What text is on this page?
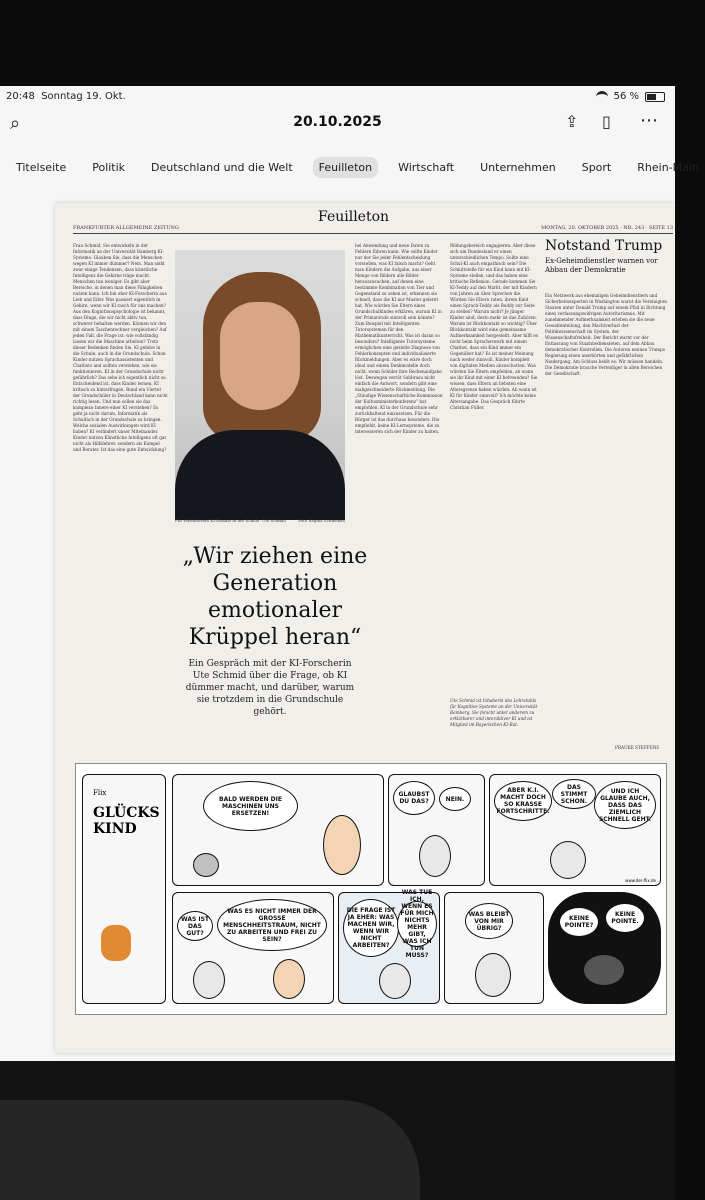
20:48 Sonntag 19. Okt.	56 %
⌕	20.10.2025	⇪ ▯ ⋯
Titelseite	Politik	Deutschland und die Welt	Feuilleton	Wirtschaft	Unternehmen	Sport	Rhein-Main
FRANKFURTER ALLGEMEINE ZEITUNG
Feuilleton
MONTAG, 20. OKTOBER 2025 · NR. 243 · SEITE 13
Frau Schmid, Sie entwickeln in der Informatik an der Universität Bamberg KI-Systeme. Glauben Sie, dass die Menschen wegen KI immer dümmer? Nein. Man sieht zwar einige Tendenzen, dass künstliche Intelligenz die Gehirne träge macht. Menschen tun weniger. Es gibt aber Bereiche, in denen man diese Fähigkeiten nutzen kann. Ich bin eher KI-Forscherin aus Lieb und Eifer. Was passiert eigentlich in Gehirn, wenn wir KI rasch für uns machen? Aus den Kognitionspsychologie ist bekannt, dass Dinge, die wir nicht aktiv tun, schwerer behalten werden. Können wir den mit einem Taschenrechner vergleichen? Auf jeden Fall, die Frage ist: wie vollständig lassen wir die Maschine arbeiten? Trotz dieser Bedenken finden Sie, KI gehöre in die Schule, auch in die Grundschule. Schon Kinder nutzen Sprachassistenten und Chatbots und sollten verstehen, wie sie funktionieren. KI in der Grundschule nicht gefährlich? Das sehe ich eigentlich nicht so. Entscheidend ist, dass Kinder lernen, KI kritisch zu hinterfragen. Rund ein Viertel der Grundschüler in Deutschland kann nicht richtig lesen. Und nun sollen sie das komplexe Innere einer KI verstehen? Es geht ja nicht darum, Informatik als Schulfach in der Grundschule zu bringen. Welche sozialen Auswirkungen wird KI haben? KI verändert unser Miteinander. Kinder nutzen Künstliche Intelligenz oft gar nicht als Hilfslehrer, sondern als Kumpel und Berater. Ist das eine gute Entwicklung?
Für reflektierten KI-Einsatz in der Schule: Ute Schmid	Foto Regina Schmeken
„Wir ziehen eine Generation emotionaler Krüppel heran“
Ein Gespräch mit der KI-Forscherin Ute Schmid über die Frage, ob KI dümmer macht, und darüber, warum sie trotzdem in die Grundschule gehört.
bei Anwendung und neue Daten zu Fehlern führen kann. Wie sollte Kinder nur der Sie jeder Fehlentscheidung vorstellen, was KI falsch macht? Geht man Kindern die Aufgabe, aus einer Menge von Bildern alle Bilder herauszusuchen, auf denen eine bestimmte Kombination von Tier und Gegenstand zu sehen ist, erkennen sie schnell, dass die KI nur Muster gelernt hat. Wie würden Sie Eltern eines Grundschulkindes erklären, warum KI in der Primarstufe sinnvoll sein könnte? Zum Beispiel mit Intelligenten Tutorsystemen für den Mathematikunterricht. Was ist daran so besonders? Intelligente Tutorsysteme ermöglichen eine gezielte Diagnose von Fehlerkonzepten und individualisierte Rückmeldungen. Aber es wäre doch ideal und einem Denkmodelle doch nicht, wenn Schüler ihre Rechenaufgabe löst. Deswegen verrät Sabbrasu nicht einfach die Antwort, sondern gibt eine maßgeschneiderte Rückmeldung. Die „Stäudige Wissenschaftliche Kommission der Kultusministerkonferenz“ hat empfohlen, KI in der Grundschule sehr zurückhaltend einzusetzen. Für die Bürger ist das durchaus besonders. Die empfiehlt, keine KI-Lernsysteme, die zu interessieren sich der Kinder zu halten.
Bildungsbereich engagieren. Aber diese sich um Bundesland er einen unterschiedlichen Tempo. Sollte eine Schul-KI auch empathisch sein? Die Schnittstelle für ein Kind kann mit KI-Systeme stellen, und das haben eine kritische Reflexion. Gerade kommen Sie KI-Teddy auf den Markt, der mit Kindern von Jahren an über Sprechen die. Würden Sie Eltern raten, ihrem Kind einen Sprach-Teddy als Buddy zur Seite zu stellen? Warum nicht? Je jünger Kinder sind, desto mehr ist das Zuhören. Warum ist Blickkontakt so wichtig? Über Blickkontakt wird eine gemeinsame Aufmerksamkeit hergestellt. Aber hilft es nicht beim Spracherwerb mit einem Chatbot, dass ein Kind immer ein Gegenüber hat? Es ist meiner Meinung nach weder sinnvoll, Kinder komplett von digitalen Medien abzuschotten. Was würden Sie Eltern empfehlen, ab wann sie ihr Kind mit einer KI befreunden? Sie wissen, dass Eltern an liebsten eine Altersgrenze haben würden: Ab wann ist KI für Kinder sinnvoll? Ich möchte keine Altersangabe. Das Gespräch führte Christian Füller.
Ute Schmid ist Inhaberin des Lehrstuhls für Kognitive Systeme an der Universität Bamberg. Sie forscht unter anderem zu erklärbarer und interaktiver KI und ist Mitglied im Bayerischen KI-Rat.
Notstand Trump
Ex-Geheimdienstler warnen vor Abbau der Demokratie
Ein Netzwerk aus ehemaligen Geheimdienstlern und Sicherheitsexperten in Washington warnt die Vereinigten Staaten unter Donald Trump auf einem Pfad in Richtung eines verfassungswidrigen Autoritarismus. Mit zunehmender Aufmerksamkeit erleben sie die neue Gewaltenteilung, den Machtverlust der Politikwissenschaft im System, der Wissenschaftsfreiheit. Der Bericht warnt vor der Entlassung von Staatsbediensteten, auf dem Abbau demokratischer Kontrollen. Die Autoren nennen Trumps Regierung einen unerhörten und gefährlichen Niedergang. Am Schluss heißt es: Wir müssen handeln. Die Demokratie brauche Verteidiger in allen Bereichen der Gesellschaft.
FRAUKE STEFFENS
Flix
GLÜCKS KIND
BALD WERDEN DIE MASCHINEN UNS ERSETZEN!
GLAUBST DU DAS?	NEIN.
ABER K.I. MACHT DOCH SO KRASSE FORTSCHRITTE.
DAS STIMMT SCHON.
UND ICH GLAUBE AUCH, DASS DAS ZIEMLICH SCHNELL GEHT.
www.der-flix.de
WAS IST DAS GUT?
WAS ES NICHT IMMER DER GROSSE MENSCHHEITSTRAUM, NICHT ZU ARBEITEN UND FREI ZU SEIN?
DIE FRAGE IST JA EHER: WAS MACHEN WIR, WENN WIR NICHT ARBEITEN?
WAS TUE ICH, WENN ES FÜR MICH NICHTS MEHR GIBT, WAS ICH TUN MUSS?
WAS BLEIBT VON MIR ÜBRIG?
KEINE POINTE?
KEINE POINTE.
